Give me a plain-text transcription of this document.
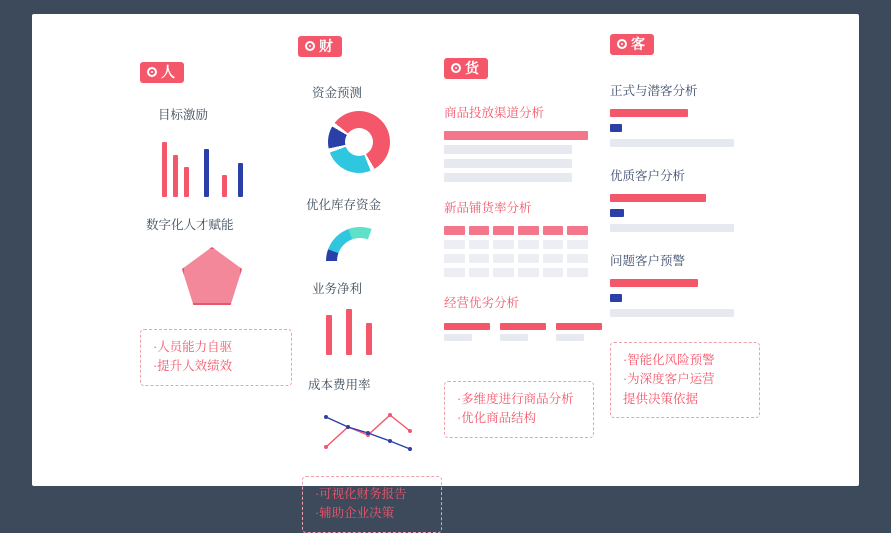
人

目标激励

数字化人才赋能

·人员能力自驱
·提升人效绩效
财

资金预测

优化库存资金

业务净利

成本费用率

·可视化财务报告
·辅助企业决策
货

商品投放渠道分析

新品铺货率分析

经营优劣分析

·多维度进行商品分析
·优化商品结构
客

正式与潜客分析

优质客户分析

问题客户预警

·智能化风险预警
·为深度客户运营
提供决策依据
